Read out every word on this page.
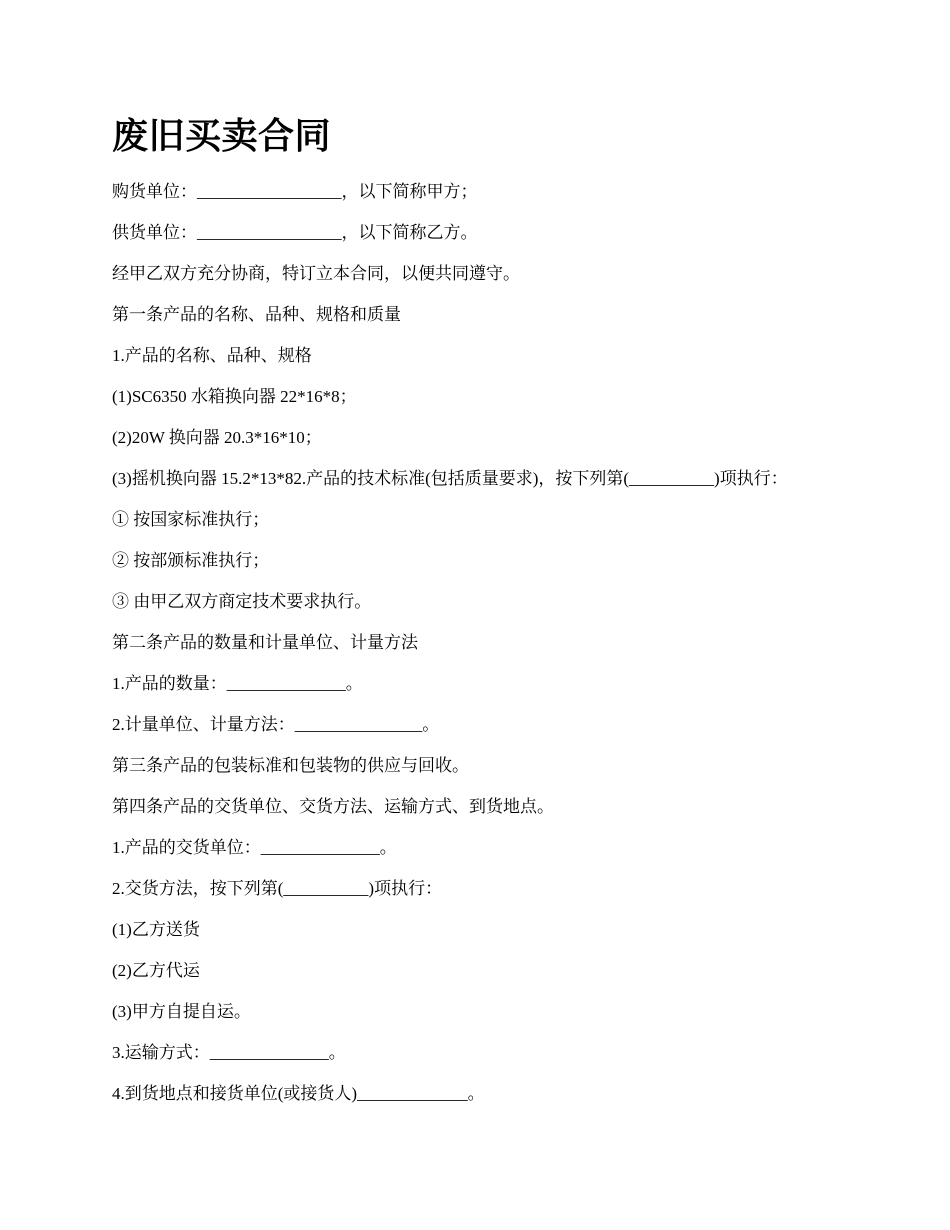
废旧买卖合同
购货单位：_________________，以下简称甲方；
供货单位：_________________，以下简称乙方。
经甲乙双方充分协商，特订立本合同，以便共同遵守。
第一条产品的名称、品种、规格和质量
1.产品的名称、品种、规格
(1)SC6350 水箱换向器 22*16*8；
(2)20W 换向器 20.3*16*10；
(3)摇机换向器 15.2*13*82.产品的技术标准(包括质量要求)，按下列第(__________)项执行：
① 按国家标准执行；
② 按部颁标准执行；
③ 由甲乙双方商定技术要求执行。
第二条产品的数量和计量单位、计量方法
1.产品的数量：______________。
2.计量单位、计量方法：_______________。
第三条产品的包装标准和包装物的供应与回收。
第四条产品的交货单位、交货方法、运输方式、到货地点。
1.产品的交货单位：______________。
2.交货方法，按下列第(__________)项执行：
(1)乙方送货
(2)乙方代运
(3)甲方自提自运。
3.运输方式：______________。
4.到货地点和接货单位(或接货人)_____________。
